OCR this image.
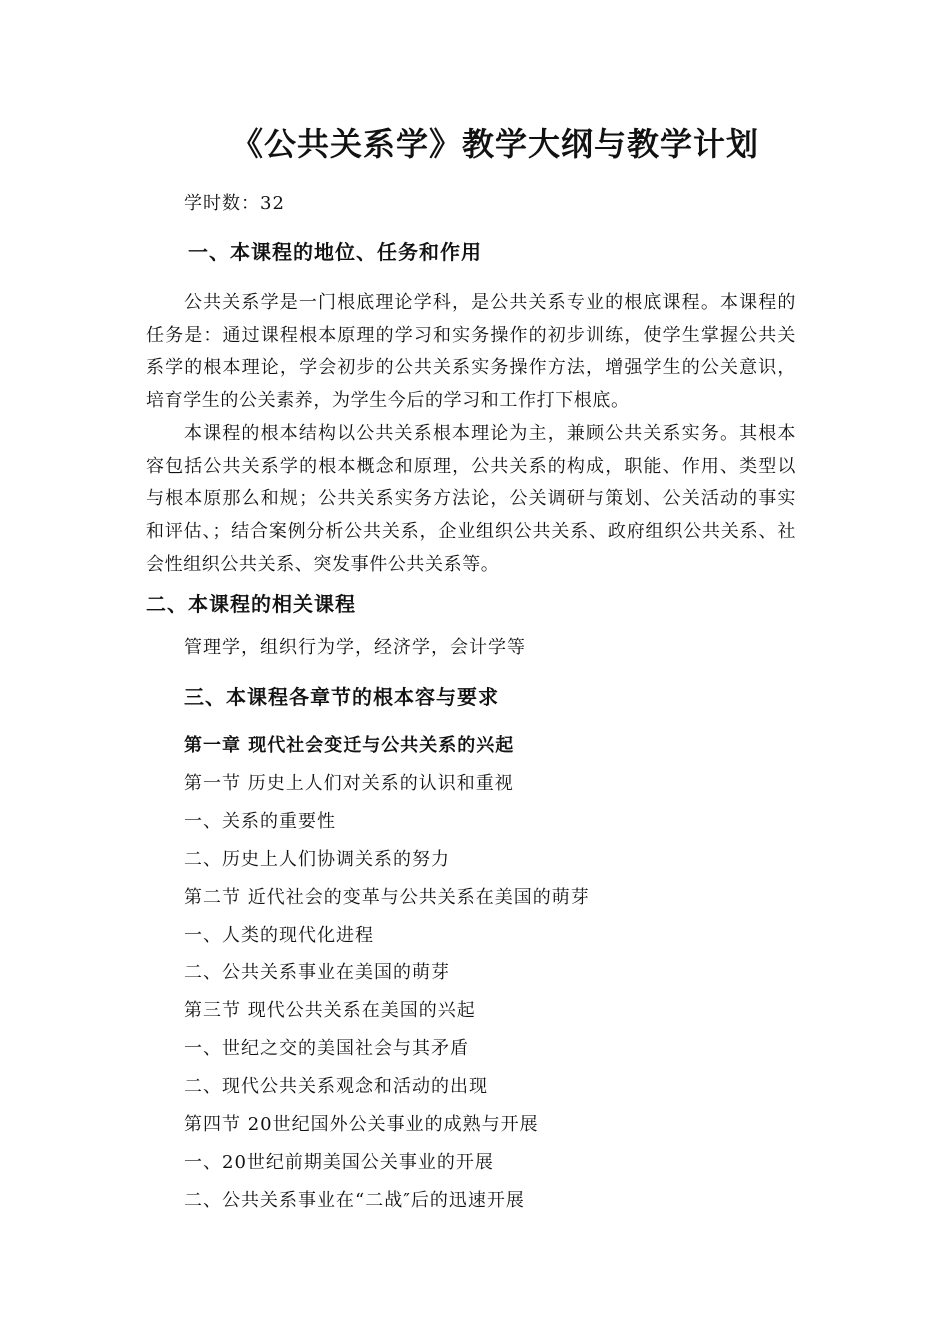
《公共关系学》教学大纲与教学计划
学时数：32
一、本课程的地位、任务和作用
公共关系学是一门根底理论学科，是公共关系专业的根底课程。本课程的任务是：通过课程根本原理的学习和实务操作的初步训练，使学生掌握公共关系学的根本理论，学会初步的公共关系实务操作方法，增强学生的公关意识，培育学生的公关素养，为学生今后的学习和工作打下根底。
本课程的根本结构以公共关系根本理论为主，兼顾公共关系实务。其根本容包括公共关系学的根本概念和原理，公共关系的构成，职能、作用、类型以与根本原那么和规；公共关系实务方法论，公关调研与策划、公关活动的事实和评估、；结合案例分析公共关系，企业组织公共关系、政府组织公共关系、社会性组织公共关系、突发事件公共关系等。
二、本课程的相关课程
管理学，组织行为学，经济学，会计学等
三、本课程各章节的根本容与要求
第一章 现代社会变迁与公共关系的兴起
第一节 历史上人们对关系的认识和重视
一、关系的重要性
二、历史上人们协调关系的努力
第二节 近代社会的变革与公共关系在美国的萌芽
一、人类的现代化进程
二、公共关系事业在美国的萌芽
第三节 现代公共关系在美国的兴起
一、世纪之交的美国社会与其矛盾
二、现代公共关系观念和活动的出现
第四节 20世纪国外公关事业的成熟与开展
一、20世纪前期美国公关事业的开展
二、公共关系事业在“二战″后的迅速开展
